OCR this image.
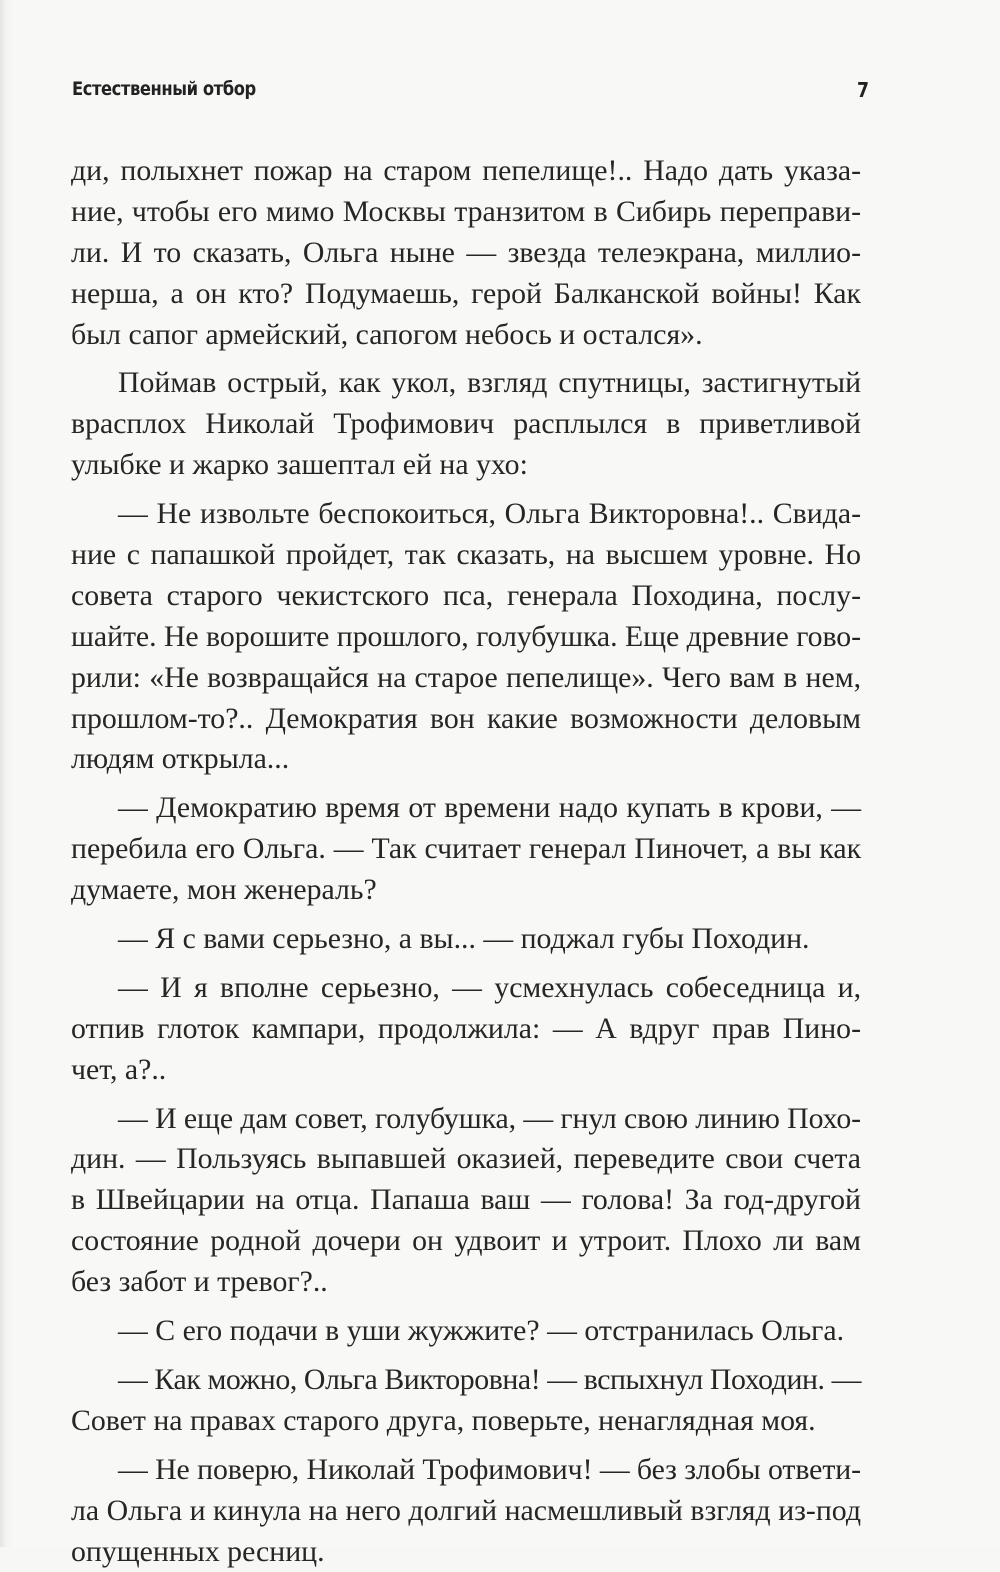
Естественный отбор	7
ди, полыхнет пожар на старом пепелище!.. Надо дать указа-
ние, чтобы его мимо Москвы транзитом в Сибирь переправи-
ли. И то сказать, Ольга ныне — звезда телеэкрана, миллио-
нерша, а он кто? Подумаешь, герой Балканской войны! Как
был сапог армейский, сапогом небось и остался».
Поймав острый, как укол, взгляд спутницы, застигнутый
врасплох Николай Трофимович расплылся в приветливой
улыбке и жарко зашептал ей на ухо:
— Не извольте беспокоиться, Ольга Викторовна!.. Свида-
ние с папашкой пройдет, так сказать, на высшем уровне. Но
совета старого чекистского пса, генерала Походина, послу-
шайте. Не ворошите прошлого, голубушка. Еще древние гово-
рили: «Не возвращайся на старое пепелище». Чего вам в нем,
прошлом-то?.. Демократия вон какие возможности деловым
людям открыла...
— Демократию время от времени надо купать в крови, —
перебила его Ольга. — Так считает генерал Пиночет, а вы как
думаете, мон женераль?
— Я с вами серьезно, а вы... — поджал губы Походин.
— И я вполне серьезно, — усмехнулась собеседница и,
отпив глоток кампари, продолжила: — А вдруг прав Пино-
чет, а?..
— И еще дам совет, голубушка, — гнул свою линию Похо-
дин. — Пользуясь выпавшей оказией, переведите свои счета
в Швейцарии на отца. Папаша ваш — голова! За год-другой
состояние родной дочери он удвоит и утроит. Плохо ли вам
без забот и тревог?..
— С его подачи в уши жужжите? — отстранилась Ольга.
— Как можно, Ольга Викторовна! — вспыхнул Походин. —
Совет на правах старого друга, поверьте, ненаглядная моя.
— Не поверю, Николай Трофимович! — без злобы ответи-
ла Ольга и кинула на него долгий насмешливый взгляд из-под
опущенных ресниц.
